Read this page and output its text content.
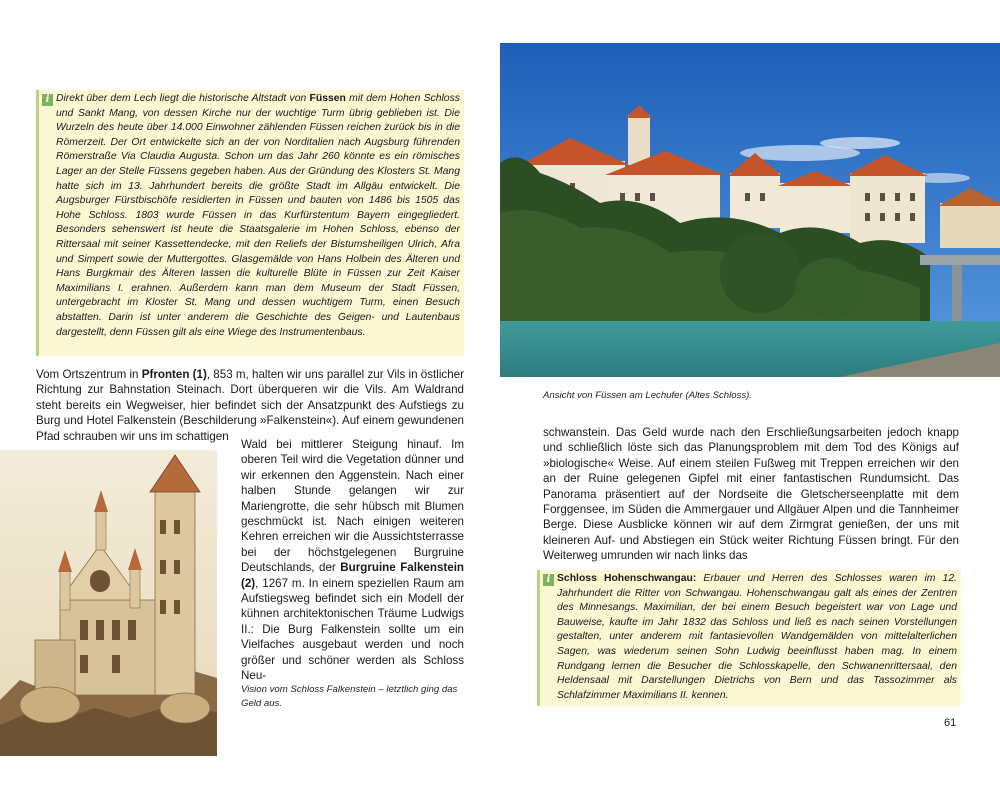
i Direkt über dem Lech liegt die historische Altstadt von Füssen mit dem Hohen Schloss und Sankt Mang, von dessen Kirche nur der wuchtige Turm übrig geblieben ist. Die Wurzeln des heute über 14.000 Einwohner zählenden Füssen reichen zurück bis in die Römerzeit. Der Ort entwickelte sich an der von Norditalien nach Augsburg führenden Römerstraße Via Claudia Augusta. Schon um das Jahr 260 könnte es ein römisches Lager an der Stelle Füssens gegeben haben. Aus der Gründung des Klosters St. Mang hatte sich im 13. Jahrhundert bereits die größte Stadt im Allgäu entwickelt. Die Augsburger Fürstbischöfe residierten in Füssen und bauten von 1486 bis 1505 das Hohe Schloss. 1803 wurde Füssen in das Kurfürstentum Bayern eingegliedert. Besonders sehenswert ist heute die Staatsgalerie im Hohen Schloss, ebenso der Rittersaal mit seiner Kassettendecke, mit den Reliefs der Bistumsheiligen Ulrich, Afra und Simpert sowie der Muttergottes. Glasgemälde von Hans Holbein des Älteren und Hans Burgkmair des Älteren lassen die kulturelle Blüte in Füssen zur Zeit Kaiser Maximilians I. erahnen. Außerdem kann man dem Museum der Stadt Füssen, untergebracht im Kloster St. Mang und dessen wuchtigem Turm, einen Besuch abstatten. Darin ist unter anderem die Geschichte des Geigen- und Lautenbaus dargestellt, denn Füssen gilt als eine Wiege des Instrumentenbaus.
Vom Ortszentrum in Pfronten (1), 853 m, halten wir uns parallel zur Vils in östlicher Richtung zur Bahnstation Steinach. Dort überqueren wir die Vils. Am Waldrand steht bereits ein Wegweiser, hier befindet sich der Ansatzpunkt des Aufstiegs zu Burg und Hotel Falkenstein (Beschilderung »Falkenstein«). Auf einem gewundenen Pfad schrauben wir uns im schattigen
Wald bei mittlerer Steigung hinauf. Im oberen Teil wird die Vegetation dünner und wir erkennen den Aggenstein. Nach einer halben Stunde gelangen wir zur Mariengrotte, die sehr hübsch mit Blumen geschmückt ist. Nach einigen weiteren Kehren erreichen wir die Aussichtsterrasse bei der höchstgelegenen Burgruine Deutschlands, der Burgruine Falkenstein (2), 1267 m. In einem speziellen Raum am Aufstiegsweg befindet sich ein Modell der kühnen architektonischen Träume Ludwigs II.: Die Burg Falkenstein sollte um ein Vielfaches ausgebaut werden und noch größer und schöner werden als Schloss Neu-
Vision vom Schloss Falkenstein – letztlich ging das Geld aus.
Ansicht von Füssen am Lechufer (Altes Schloss).
schwanstein. Das Geld wurde nach den Erschließungsarbeiten jedoch knapp und schließlich löste sich das Planungsproblem mit dem Tod des Königs auf »biologische« Weise. Auf einem steilen Fußweg mit Treppen erreichen wir den an der Ruine gelegenen Gipfel mit einer fantastischen Rundumsicht. Das Panorama präsentiert auf der Nordseite die Gletscherseenplatte mit dem Forggensee, im Süden die Ammergauer und Allgäuer Alpen und die Tannheimer Berge. Diese Ausblicke können wir auf dem Zirmgrat genießen, der uns mit kleineren Auf- und Abstiegen ein Stück weiter Richtung Füssen bringt. Für den Weiterweg umrunden wir nach links das
i Schloss Hohenschwangau: Erbauer und Herren des Schlosses waren im 12. Jahrhundert die Ritter von Schwangau. Hohenschwangau galt als eines der Zentren des Minnesangs. Maximilian, der bei einem Besuch begeistert war von Lage und Bauweise, kaufte im Jahr 1832 das Schloss und ließ es nach seinen Vorstellungen gestalten, unter anderem mit fantasievollen Wandgemälden von mittelalterlichen Sagen, was wiederum seinen Sohn Ludwig beeinflusst haben mag. In einem Rundgang lernen die Besucher die Schlosskapelle, den Schwanenrittersaal, den Heldensaal mit Darstellungen Dietrichs von Bern und das Tassozimmer als Schlafzimmer Maximilians II. kennen.
61
